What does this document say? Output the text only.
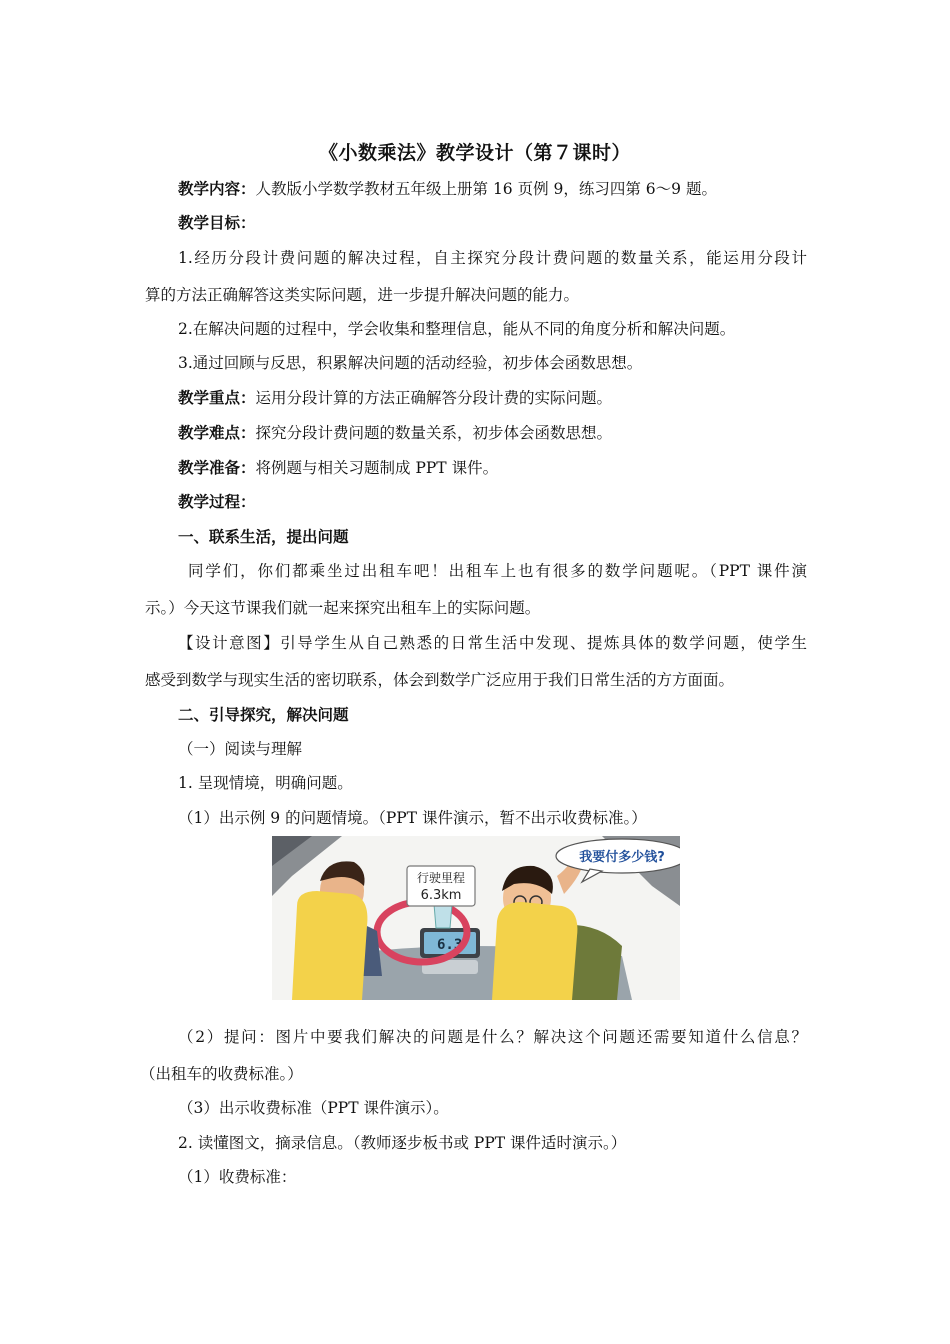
《小数乘法》教学设计（第７课时）
教学内容：人教版小学数学教材五年级上册第 16 页例 9，练习四第 6～9 题。
教学目标：
1.经历分段计费问题的解决过程，自主探究分段计费问题的数量关系，能运用分段计
算的方法正确解答这类实际问题，进一步提升解决问题的能力。
2.在解决问题的过程中，学会收集和整理信息，能从不同的角度分析和解决问题。
3.通过回顾与反思，积累解决问题的活动经验，初步体会函数思想。
教学重点：运用分段计算的方法正确解答分段计费的实际问题。
教学难点：探究分段计费问题的数量关系，初步体会函数思想。
教学准备：将例题与相关习题制成 PPT 课件。
教学过程：
一、联系生活，提出问题
同学们，你们都乘坐过出租车吧！出租车上也有很多的数学问题呢。（PPT 课件演
示。）今天这节课我们就一起来探究出租车上的实际问题。
【设计意图】引导学生从自己熟悉的日常生活中发现、提炼具体的数学问题，使学生
感受到数学与现实生活的密切联系，体会到数学广泛应用于我们日常生活的方方面面。
二、引导探究，解决问题
（一）阅读与理解
1. 呈现情境，明确问题。
（1）出示例 9 的问题情境。（PPT 课件演示，暂不出示收费标准。）
6.3
行驶里程
6.3km
我要付多少钱?
（2）提问：图片中要我们解决的问题是什么？解决这个问题还需要知道什么信息？
（出租车的收费标准。）
（3）出示收费标准（PPT 课件演示）。
2. 读懂图文，摘录信息。（教师逐步板书或 PPT 课件适时演示。）
（1）收费标准：
